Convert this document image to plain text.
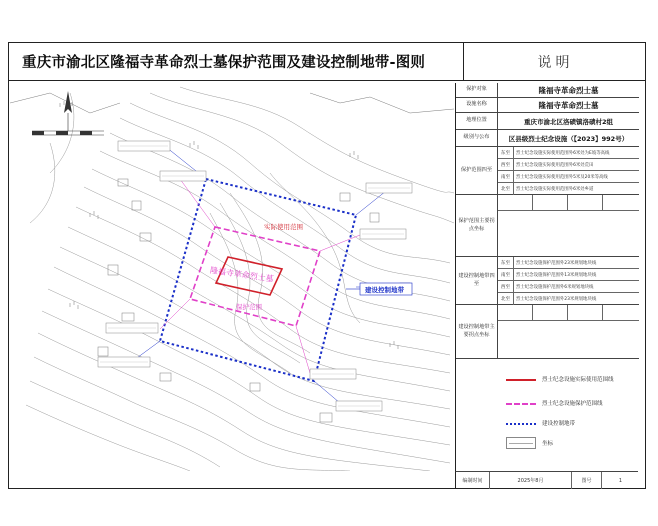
重庆市渝北区隆福寺革命烈士墓保护范围及建设控制地带-图则	说明
隆福寺革命烈士墓
实际使用范围
保护范围
建设控制地带
保护对象	隆福寺革命烈士墓
设施名称	隆福寺革命烈士墓
地理位置	重庆市渝北区洛碛镇洛碛村2组
级别与公布	区县级烈士纪念设施（【2023】992号）
保护范围四至
东至	烈士纪念设施实际使用范围外6米处为E坡等高线
西至	烈士纪念设施实际使用范围外6米处荒田
南至	烈士纪念设施实际使用范围外5米及20米等高线
北至	烈士纪念设施实际使用范围外6米处乡道
保护范围主要拐点坐标
建设控制地带四至
东至	烈士纪念设施保护范围外23米规划地块线
南至	烈士纪念设施保护范围外13米规划地块线
西至	烈士纪念设施保护范围外6米规划地块线
北至	烈士纪念设施保护范围外23米规划地块线
建设控制地带主要拐点坐标
烈士纪念设施实际使用范围线
烈士纪念设施保护范围线
建设控制地带
坐标
编制时间	2025年8月	图号	1
